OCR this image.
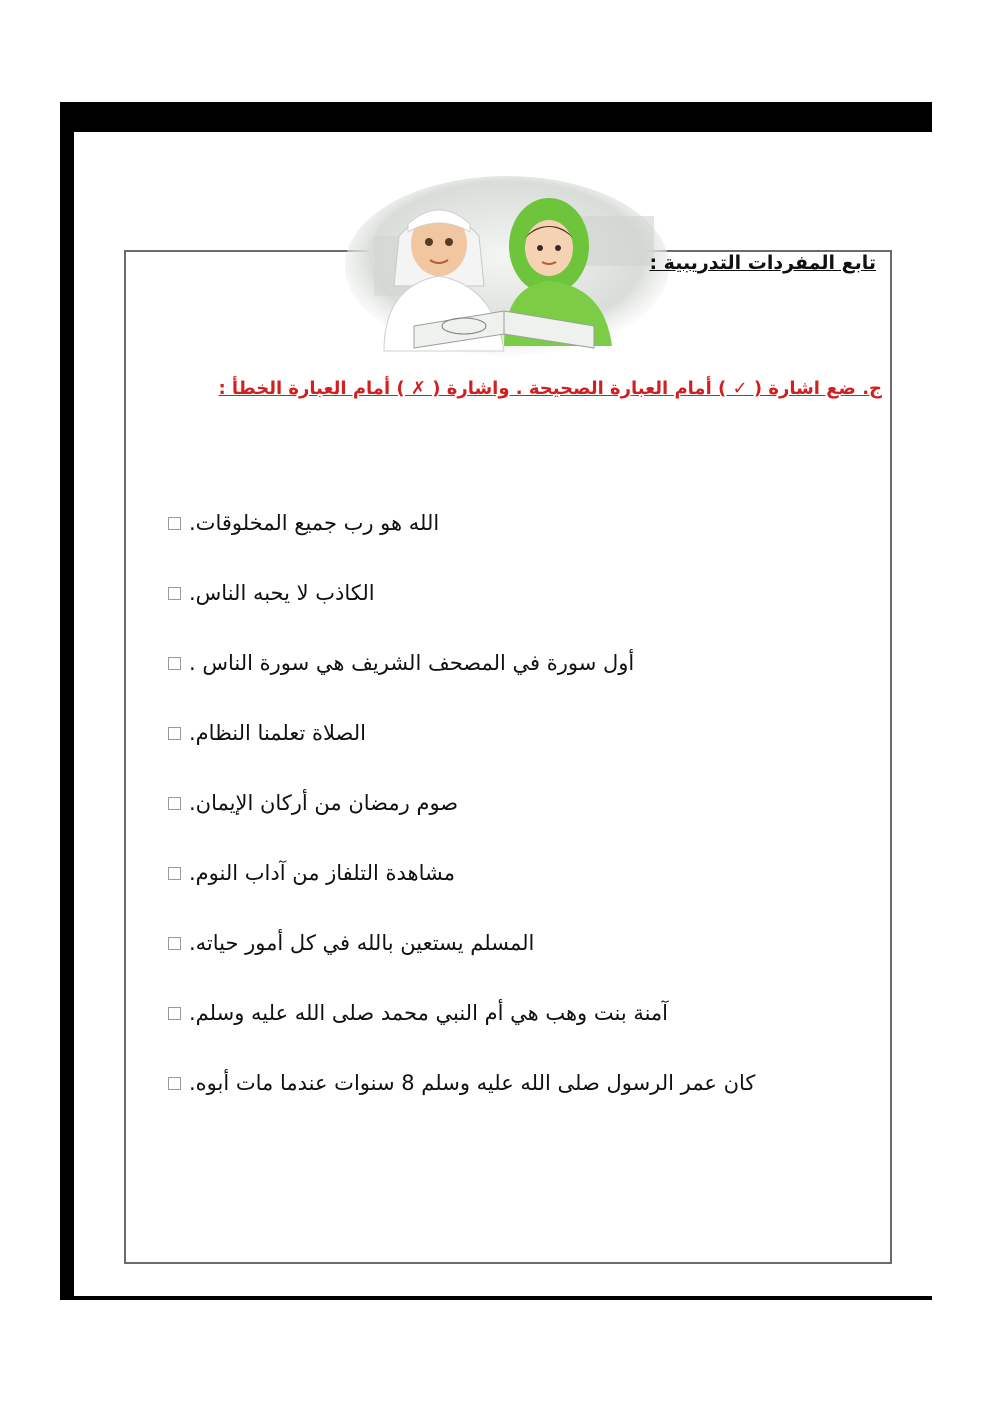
تابع المفردات التدريبية :
ج. ضع اشارة ( ✓ ) أمام العبارة الصحيحة . واشارة ( ✗ ) أمام العبارة الخطأ :
الله هو رب جميع المخلوقات.
الكاذب لا يحبه الناس.
أول سورة في المصحف الشريف هي سورة الناس .
الصلاة تعلمنا النظام.
صوم رمضان من أركان الإيمان.
مشاهدة التلفاز من آداب النوم.
المسلم يستعين بالله في كل أمور حياته.
آمنة بنت وهب هي أم النبي محمد صلى الله عليه وسلم.
كان عمر الرسول صلى الله عليه وسلم 8 سنوات عندما مات أبوه.
